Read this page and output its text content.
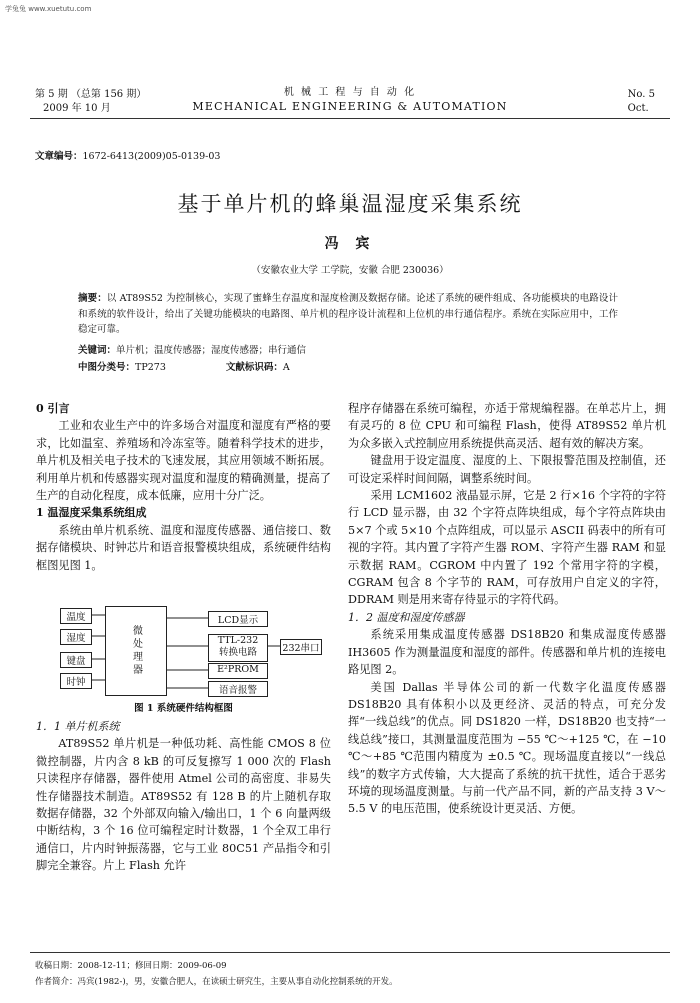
学兔兔 www.xuetutu.com
第 5 期 （总第 156 期）
2009 年 10 月
机 械 工 程 与 自 动 化
MECHANICAL ENGINEERING & AUTOMATION
No. 5
Oct.
文章编号：1672-6413(2009)05-0139-03
基于单片机的蜂巢温湿度采集系统
冯 宾
（安徽农业大学 工学院，安徽 合肥 230036）
摘要：以 AT89S52 为控制核心，实现了蜜蜂生存温度和湿度检测及数据存储。论述了系统的硬件组成、各功能模块的电路设计和系统的软件设计，给出了关键功能模块的电路图、单片机的程序设计流程和上位机的串行通信程序。系统在实际应用中，工作稳定可靠。
关键词：单片机；温度传感器；湿度传感器；串行通信
中图分类号：TP273	文献标识码：A
0 引言

工业和农业生产中的许多场合对温度和湿度有严格的要求，比如温室、养殖场和冷冻室等。随着科学技术的进步，单片机及相关电子技术的飞速发展，其应用领域不断拓展。利用单片机和传感器实现对温度和湿度的精确测量，提高了生产的自动化程度，成本低廉，应用十分广泛。

1 温湿度采集系统组成

系统由单片机系统、温度和湿度传感器、通信接口、数据存储模块、时钟芯片和语音报警模块组成，系统硬件结构框图见图 1。

温度
湿度
键盘
时钟
微处理器
LCD显示
TTL-232
转换电路	232串口
E²PROM
语音报警
图 1 系统硬件结构框图
1．1 单片机系统

AT89S52 单片机是一种低功耗、高性能 CMOS 8 位微控制器，片内含 8 kB 的可反复擦写 1 000 次的 Flash 只读程序存储器，器件使用 Atmel 公司的高密度、非易失性存储器技术制造。AT89S52 有 128 B 的片上随机存取数据存储器，32 个外部双向输入/输出口，1 个 6 向量两级中断结构，3 个 16 位可编程定时计数器，1 个全双工串行通信口，片内时钟振荡器，它与工业 80C51 产品指令和引脚完全兼容。片上 Flash 允许

程序存储器在系统可编程，亦适于常规编程器。在单芯片上，拥有灵巧的 8 位 CPU 和可编程 Flash，使得 AT89S52 单片机为众多嵌入式控制应用系统提供高灵活、超有效的解决方案。

键盘用于设定温度、湿度的上、下限报警范围及控制值，还可设定采样时间间隔，调整系统时间。

采用 LCM1602 液晶显示屏，它是 2 行×16 个字符的字符行 LCD 显示器，由 32 个字符点阵块组成，每个字符点阵块由 5×7 个或 5×10 个点阵组成，可以显示 ASCII 码表中的所有可视的字符。其内置了字符产生器 ROM、字符产生器 RAM 和显示数据 RAM。CGROM 中内置了 192 个常用字符的字模，CGRAM 包含 8 个字节的 RAM，可存放用户自定义的字符，DDRAM 则是用来寄存待显示的字符代码。

1．2 温度和湿度传感器

系统采用集成温度传感器 DS18B20 和集成湿度传感器 IH3605 作为测量温度和湿度的部件。传感器和单片机的连接电路见图 2。

美国 Dallas 半导体公司的新一代数字化温度传感器 DS18B20 具有体积小以及更经济、灵活的特点，可充分发挥“一线总线”的优点。同 DS1820 一样，DS18B20 也支持“一线总线”接口，其测量温度范围为 −55 ℃～+125 ℃，在 −10 ℃～+85 ℃范围内精度为 ±0.5 ℃。现场温度直接以“一线总线”的数字方式传输，大大提高了系统的抗干扰性，适合于恶劣环境的现场温度测量。与前一代产品不同，新的产品支持 3 V～5.5 V 的电压范围，使系统设计更灵活、方便。

收稿日期：2008-12-11；修回日期：2009-06-09
作者简介：冯宾(1982-)，男，安徽合肥人，在读硕士研究生，主要从事自动化控制系统的开发。
